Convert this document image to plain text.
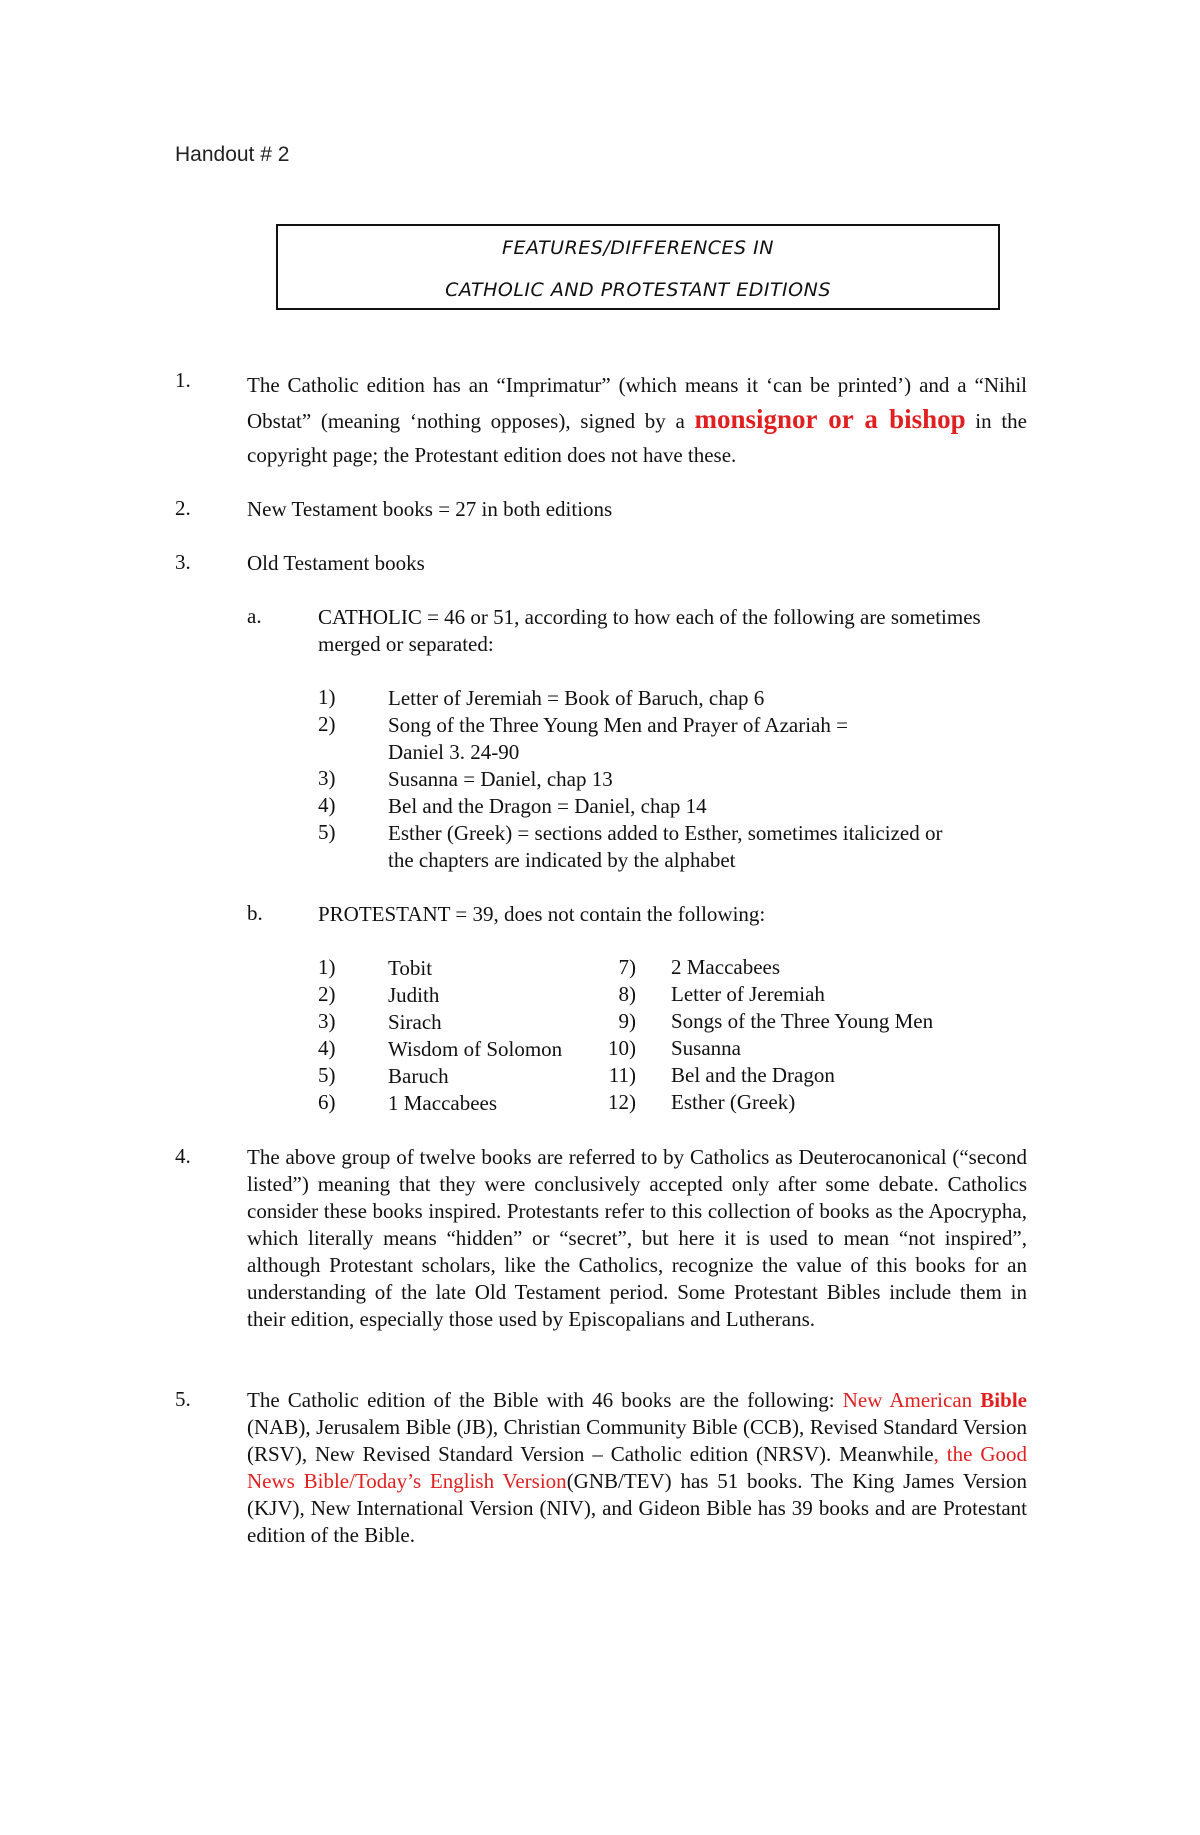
Handout # 2
FEATURES/DIFFERENCES IN
CATHOLIC AND PROTESTANT EDITIONS
1.	The Catholic edition has an “Imprimatur” (which means it ‘can be printed’) and a “Nihil Obstat” (meaning ‘nothing opposes), signed by a monsignor or a bishop in the copyright page; the Protestant edition does not have these.
2.	New Testament books = 27 in both editions
3.	Old Testament books
a.	CATHOLIC = 46 or 51, according to how each of the following are sometimes merged or separated:
1)	Letter of Jeremiah = Book of Baruch, chap 6
2)	Song of the Three Young Men and Prayer of Azariah =
Daniel 3. 24-90
3)	Susanna = Daniel, chap 13
4)	Bel and the Dragon = Daniel, chap 14
5)	Esther (Greek) = sections added to Esther, sometimes italicized or
the chapters are indicated by the alphabet
b.	PROTESTANT = 39, does not contain the following:
1)	Tobit
2)	Judith
3)	Sirach
4)	Wisdom of Solomon
5)	Baruch
6)	1 Maccabees
7) 2 Maccabees
8) Letter of Jeremiah
9) Songs of the Three Young Men
10) Susanna
11) Bel and the Dragon
12) Esther (Greek)
4.	The above group of twelve books are referred to by Catholics as Deuterocanonical (“second listed”) meaning that they were conclusively accepted only after some debate. Catholics consider these books inspired. Protestants refer to this collection of books as the Apocrypha, which literally means “hidden” or “secret”, but here it is used to mean “not inspired”, although Protestant scholars, like the Catholics, recognize the value of this books for an understanding of the late Old Testament period. Some Protestant Bibles include them in their edition, especially those used by Episcopalians and Lutherans.
5.	The Catholic edition of the Bible with 46 books are the following: New American Bible (NAB), Jerusalem Bible (JB), Christian Community Bible (CCB), Revised Standard Version (RSV), New Revised Standard Version – Catholic edition (NRSV). Meanwhile, the Good News Bible/Today’s English Version(GNB/TEV) has 51 books. The King James Version (KJV), New International Version (NIV), and Gideon Bible has 39 books and are Protestant edition of the Bible.
